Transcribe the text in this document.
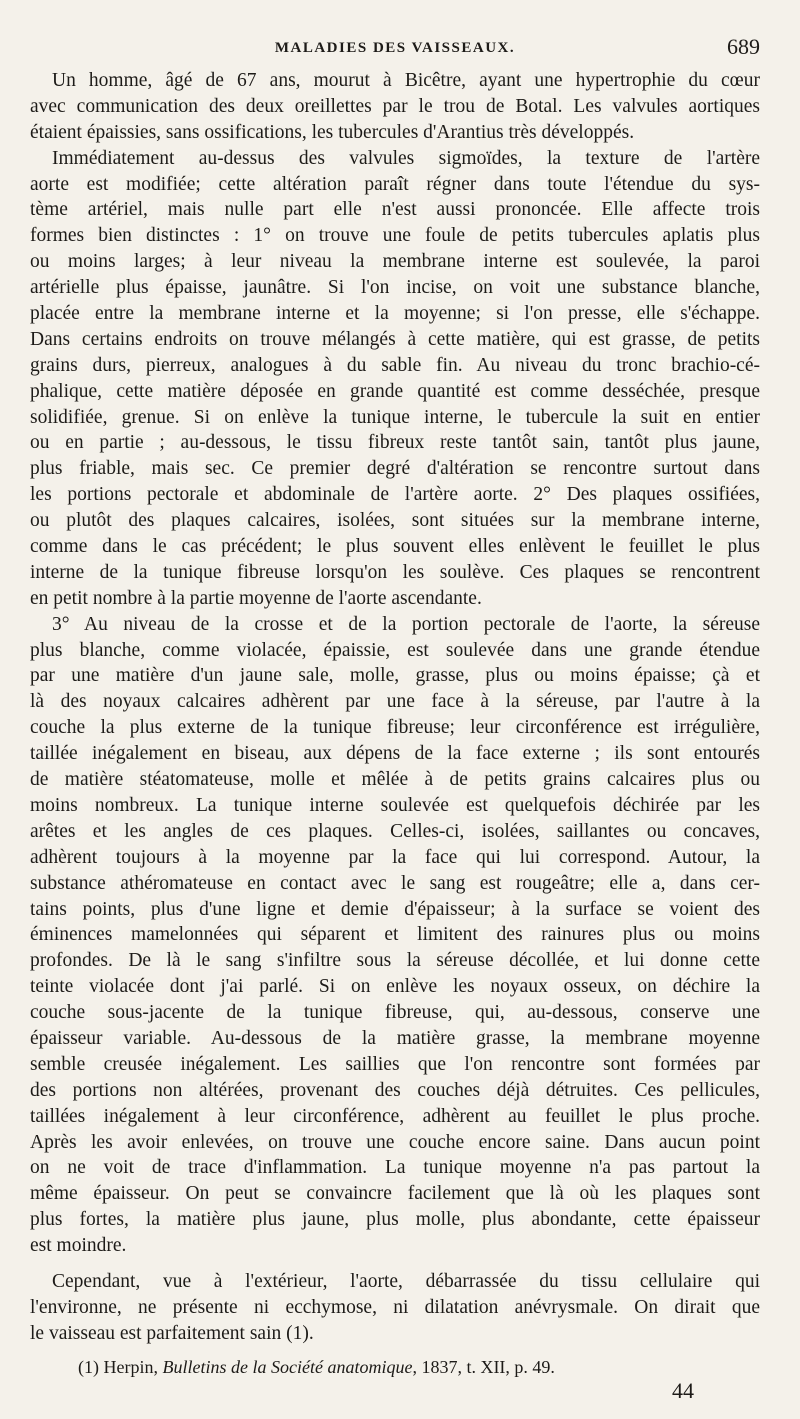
MALADIES DES VAISSEAUX.	689
Un homme, âgé de 67 ans, mourut à Bicêtre, ayant une hypertrophie du cœur
avec communication des deux oreillettes par le trou de Botal. Les valvules aortiques
étaient épaissies, sans ossifications, les tubercules d'Arantius très développés.
Immédiatement au-dessus des valvules sigmoïdes, la texture de l'artère
aorte est modifiée; cette altération paraît régner dans toute l'étendue du sys-
tème artériel, mais nulle part elle n'est aussi prononcée. Elle affecte trois
formes bien distinctes : 1° on trouve une foule de petits tubercules aplatis plus
ou moins larges; à leur niveau la membrane interne est soulevée, la paroi
artérielle plus épaisse, jaunâtre. Si l'on incise, on voit une substance blanche,
placée entre la membrane interne et la moyenne; si l'on presse, elle s'échappe.
Dans certains endroits on trouve mélangés à cette matière, qui est grasse, de petits
grains durs, pierreux, analogues à du sable fin. Au niveau du tronc brachio-cé-
phalique, cette matière déposée en grande quantité est comme desséchée, presque
solidifiée, grenue. Si on enlève la tunique interne, le tubercule la suit en entier
ou en partie ; au-dessous, le tissu fibreux reste tantôt sain, tantôt plus jaune,
plus friable, mais sec. Ce premier degré d'altération se rencontre surtout dans
les portions pectorale et abdominale de l'artère aorte. 2° Des plaques ossifiées,
ou plutôt des plaques calcaires, isolées, sont situées sur la membrane interne,
comme dans le cas précédent; le plus souvent elles enlèvent le feuillet le plus
interne de la tunique fibreuse lorsqu'on les soulève. Ces plaques se rencontrent
en petit nombre à la partie moyenne de l'aorte ascendante.
3° Au niveau de la crosse et de la portion pectorale de l'aorte, la séreuse
plus blanche, comme violacée, épaissie, est soulevée dans une grande étendue
par une matière d'un jaune sale, molle, grasse, plus ou moins épaisse; çà et
là des noyaux calcaires adhèrent par une face à la séreuse, par l'autre à la
couche la plus externe de la tunique fibreuse; leur circonférence est irrégulière,
taillée inégalement en biseau, aux dépens de la face externe ; ils sont entourés
de matière stéatomateuse, molle et mêlée à de petits grains calcaires plus ou
moins nombreux. La tunique interne soulevée est quelquefois déchirée par les
arêtes et les angles de ces plaques. Celles-ci, isolées, saillantes ou concaves,
adhèrent toujours à la moyenne par la face qui lui correspond. Autour, la
substance athéromateuse en contact avec le sang est rougeâtre; elle a, dans cer-
tains points, plus d'une ligne et demie d'épaisseur; à la surface se voient des
éminences mamelonnées qui séparent et limitent des rainures plus ou moins
profondes. De là le sang s'infiltre sous la séreuse décollée, et lui donne cette
teinte violacée dont j'ai parlé. Si on enlève les noyaux osseux, on déchire la
couche sous-jacente de la tunique fibreuse, qui, au-dessous, conserve une
épaisseur variable. Au-dessous de la matière grasse, la membrane moyenne
semble creusée inégalement. Les saillies que l'on rencontre sont formées par
des portions non altérées, provenant des couches déjà détruites. Ces pellicules,
taillées inégalement à leur circonférence, adhèrent au feuillet le plus proche.
Après les avoir enlevées, on trouve une couche encore saine. Dans aucun point
on ne voit de trace d'inflammation. La tunique moyenne n'a pas partout la
même épaisseur. On peut se convaincre facilement que là où les plaques sont
plus fortes, la matière plus jaune, plus molle, plus abondante, cette épaisseur
est moindre.
Cependant, vue à l'extérieur, l'aorte, débarrassée du tissu cellulaire qui
l'environne, ne présente ni ecchymose, ni dilatation anévrysmale. On dirait que
le vaisseau est parfaitement sain (1).
(1) Herpin, Bulletins de la Société anatomique, 1837, t. XII, p. 49.
44
